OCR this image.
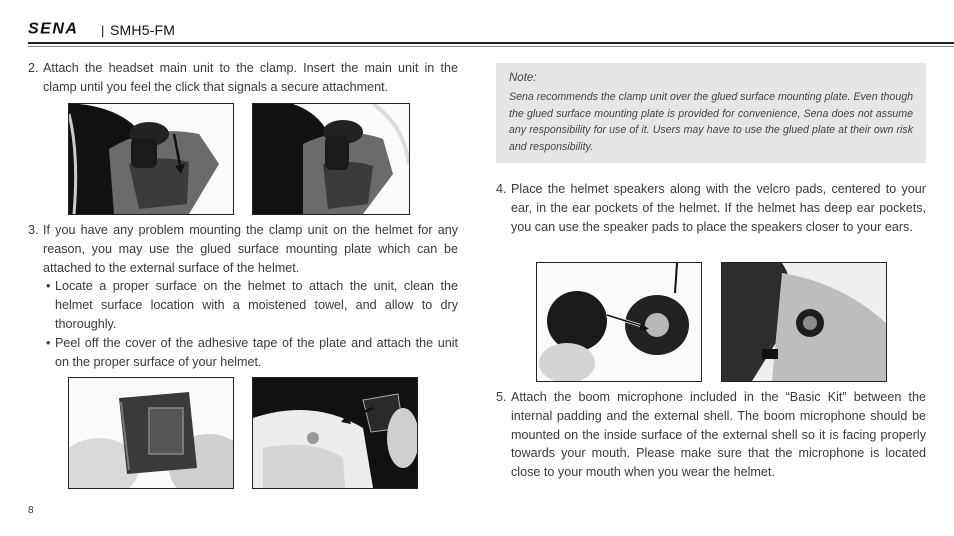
SENA | SMH5-FM
2. Attach the headset main unit to the clamp. Insert the main unit in the clamp until you feel the click that signals a secure attachment.
3. If you have any problem mounting the clamp unit on the helmet for any reason, you may use the glued surface mounting plate which can be attached to the external surface of the helmet.
• Locate a proper surface on the helmet to attach the unit, clean the helmet surface location with a moistened towel, and allow to dry thoroughly.
• Peel off the cover of the adhesive tape of the plate and attach the unit on the proper surface of your helmet.
Note:
Sena recommends the clamp unit over the glued surface mounting plate. Even though the glued surface mounting plate is provided for convenience, Sena does not assume any responsibility for use of it. Users may have to use the glued plate at their own risk and responsibility.
4. Place the helmet speakers along with the velcro pads, centered to your ear, in the ear pockets of the helmet. If the helmet has deep ear pockets, you can use the speaker pads to place the speakers closer to your ears.
5. Attach the boom microphone included in the “Basic Kit” between the internal padding and the external shell. The boom microphone should be mounted on the inside surface of the external shell so it is facing properly towards your mouth. Please make sure that the microphone is located close to your mouth when you wear the helmet.
8
